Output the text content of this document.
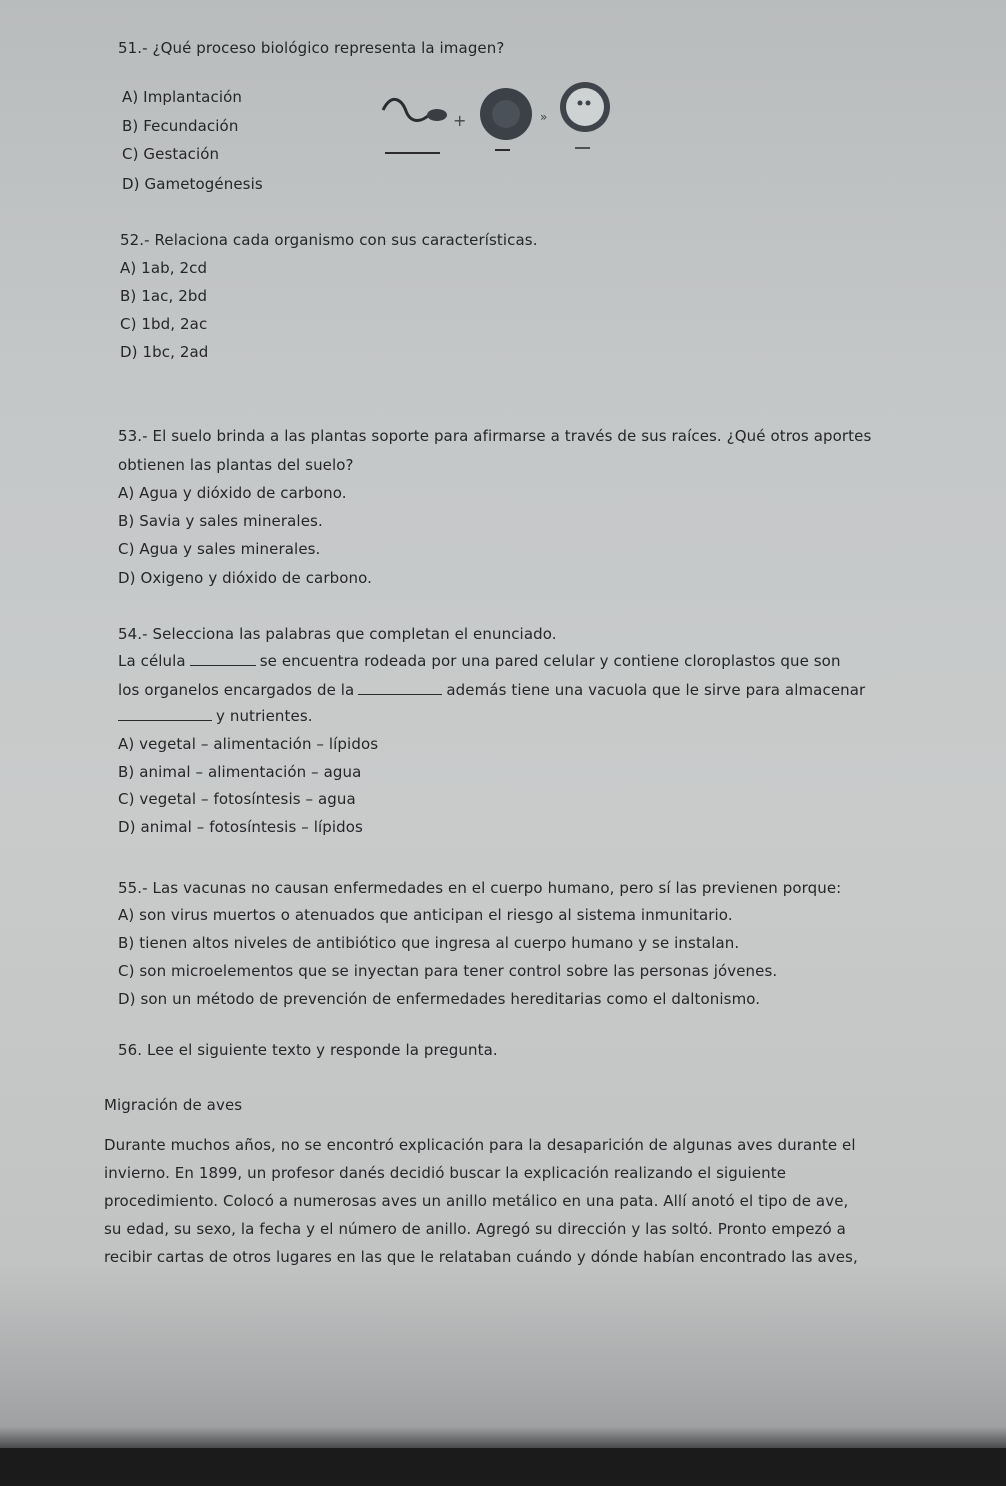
51.- ¿Qué proceso biológico representa la imagen?
A) Implantación
B) Fecundación
C) Gestación
D) Gametogénesis
+	»
52.- Relaciona cada organismo con sus características.
A) 1ab, 2cd
B) 1ac, 2bd
C) 1bd, 2ac
D) 1bc, 2ad
53.- El suelo brinda a las plantas soporte para afirmarse a través de sus raíces. ¿Qué otros aportes
obtienen las plantas del suelo?
A) Agua y dióxido de carbono.
B) Savia y sales minerales.
C) Agua y sales minerales.
D) Oxigeno y dióxido de carbono.
54.- Selecciona las palabras que completan el enunciado.
La célula	se encuentra rodeada por una pared celular y contiene cloroplastos que son
los organelos encargados de la	además tiene una vacuola que le sirve para almacenar
y nutrientes.
A) vegetal – alimentación – lípidos
B) animal – alimentación – agua
C) vegetal – fotosíntesis – agua
D) animal – fotosíntesis – lípidos
55.- Las vacunas no causan enfermedades en el cuerpo humano, pero sí las previenen porque:
A) son virus muertos o atenuados que anticipan el riesgo al sistema inmunitario.
B) tienen altos niveles de antibiótico que ingresa al cuerpo humano y se instalan.
C) son microelementos que se inyectan para tener control sobre las personas jóvenes.
D) son un método de prevención de enfermedades hereditarias como el daltonismo.
56. Lee el siguiente texto y responde la pregunta.
Migración de aves
Durante muchos años, no se encontró explicación para la desaparición de algunas aves durante el
invierno. En 1899, un profesor danés decidió buscar la explicación realizando el siguiente
procedimiento. Colocó a numerosas aves un anillo metálico en una pata. Allí anotó el tipo de ave,
su edad, su sexo, la fecha y el número de anillo. Agregó su dirección y las soltó. Pronto empezó a
recibir cartas de otros lugares en las que le relataban cuándo y dónde habían encontrado las aves,
